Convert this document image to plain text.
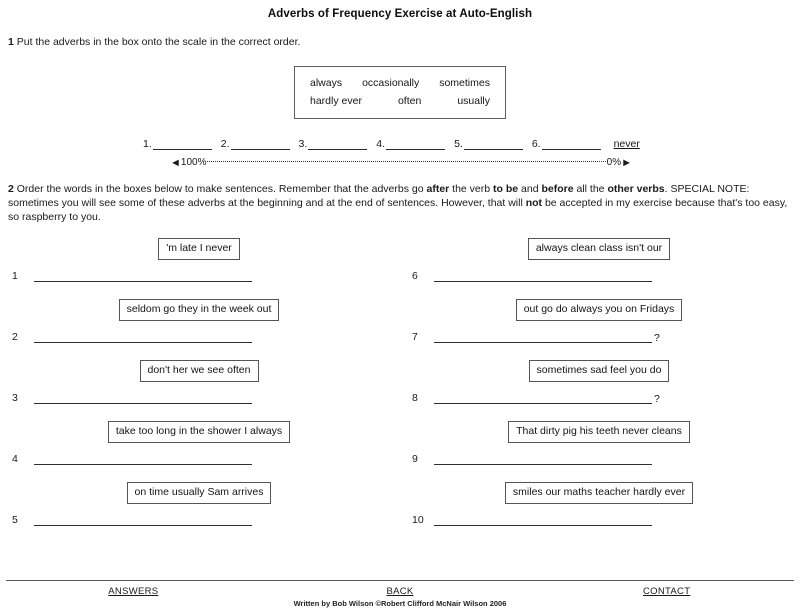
Adverbs of Frequency Exercise at Auto-English
1 Put the adverbs in the box onto the scale in the correct order.
always occasionally sometimes
hardly ever	often	usually
1.	2.	3.	4.	5.	6.	never
◄ 100%	0% ►
2 Order the words in the boxes below to make sentences. Remember that the adverbs go after the verb to be and before all the other verbs. SPECIAL NOTE: sometimes you will see some of these adverbs at the beginning and at the end of sentences. However, that will not be accepted in my exercise because that's too easy, so raspberry to you.
'm late I never
1
seldom go they in the week out
2
don't her we see often
3
take too long in the shower I always
4
on time usually Sam arrives
5
always clean class isn't our
6
out go do always you on Fridays
7	?
sometimes sad feel you do
8	?
That dirty pig his teeth never cleans
9
smiles our maths teacher hardly ever
10
ANSWERS	BACK	CONTACT
Written by Bob Wilson ©Robert Clifford McNair Wilson 2006
